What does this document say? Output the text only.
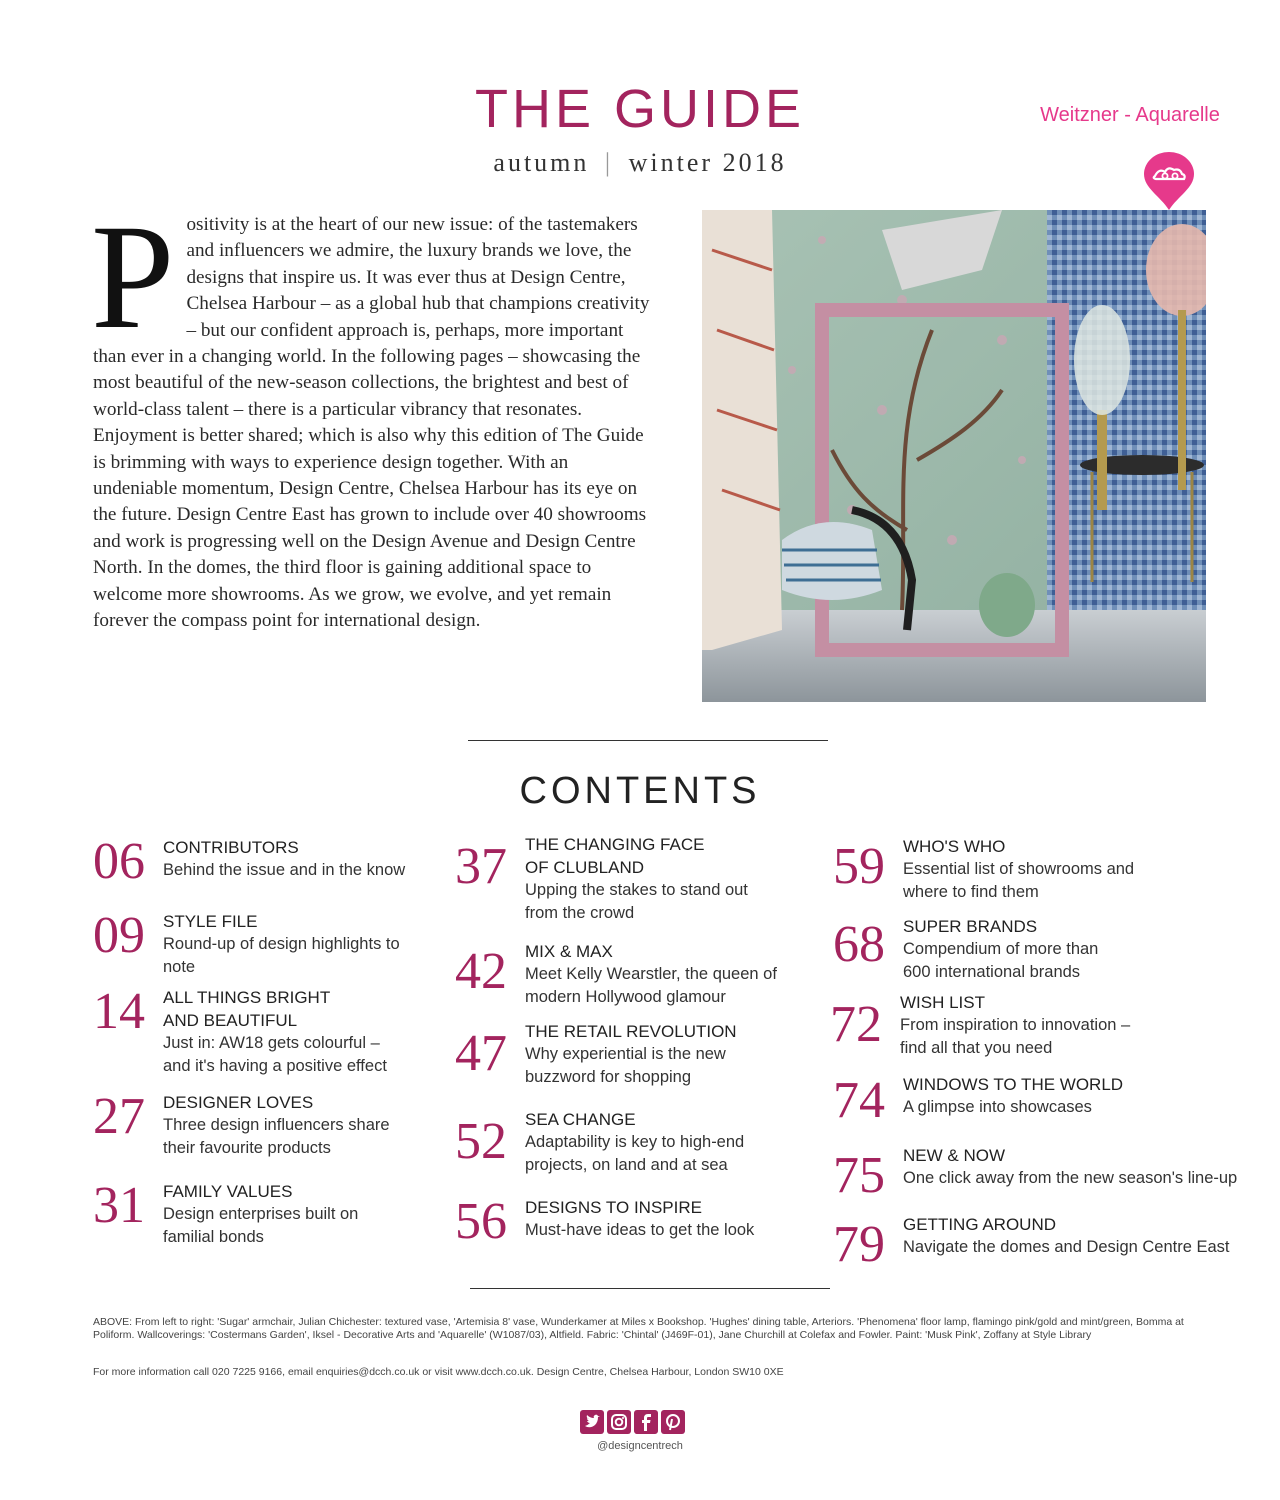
THE GUIDE
autumn | winter 2018
Weitzner - Aquarelle
Positivity is at the heart of our new issue: of the tastemakers and influencers we admire, the luxury brands we love, the designs that inspire us. It was ever thus at Design Centre, Chelsea Harbour – as a global hub that champions creativity – but our confident approach is, perhaps, more important than ever in a changing world. In the following pages – showcasing the most beautiful of the new-season collections, the brightest and best of world-class talent – there is a particular vibrancy that resonates. Enjoyment is better shared; which is also why this edition of The Guide is brimming with ways to experience design together. With an undeniable momentum, Design Centre, Chelsea Harbour has its eye on the future. Design Centre East has grown to include over 40 showrooms and work is progressing well on the Design Avenue and Design Centre North. In the domes, the third floor is gaining additional space to welcome more showrooms. As we grow, we evolve, and yet remain forever the compass point for international design.
CONTENTS
06	CONTRIBUTORS
Behind the issue and in the know
09	STYLE FILE
Round-up of design highlights to note
14	ALL THINGS BRIGHT
AND BEAUTIFUL
Just in: AW18 gets colourful –
and it's having a positive effect
27	DESIGNER LOVES
Three design influencers share
their favourite products
31	FAMILY VALUES
Design enterprises built on
familial bonds
37	THE CHANGING FACE
OF CLUBLAND
Upping the stakes to stand out
from the crowd
42	MIX & MAX
Meet Kelly Wearstler, the queen of
modern Hollywood glamour
47	THE RETAIL REVOLUTION
Why experiential is the new
buzzword for shopping
52	SEA CHANGE
Adaptability is key to high-end
projects, on land and at sea
56	DESIGNS TO INSPIRE
Must-have ideas to get the look
59	WHO'S WHO
Essential list of showrooms and
where to find them
68	SUPER BRANDS
Compendium of more than
600 international brands
72	WISH LIST
From inspiration to innovation –
find all that you need
74	WINDOWS TO THE WORLD
A glimpse into showcases
75	NEW & NOW
One click away from the new season's line-up
79	GETTING AROUND
Navigate the domes and Design Centre East
ABOVE: From left to right: 'Sugar' armchair, Julian Chichester: textured vase, 'Artemisia 8' vase, Wunderkamer at Miles x Bookshop. 'Hughes' dining table, Arteriors. 'Phenomena' floor lamp, flamingo pink/gold and mint/green, Bomma at Poliform. Wallcoverings: 'Costermans Garden', Iksel - Decorative Arts and 'Aquarelle' (W1087/03), Altfield. Fabric: 'Chintal' (J469F-01), Jane Churchill at Colefax and Fowler. Paint: 'Musk Pink', Zoffany at Style Library
For more information call 020 7225 9166, email enquiries@dcch.co.uk or visit www.dcch.co.uk. Design Centre, Chelsea Harbour, London SW10 0XE
@designcentrech
